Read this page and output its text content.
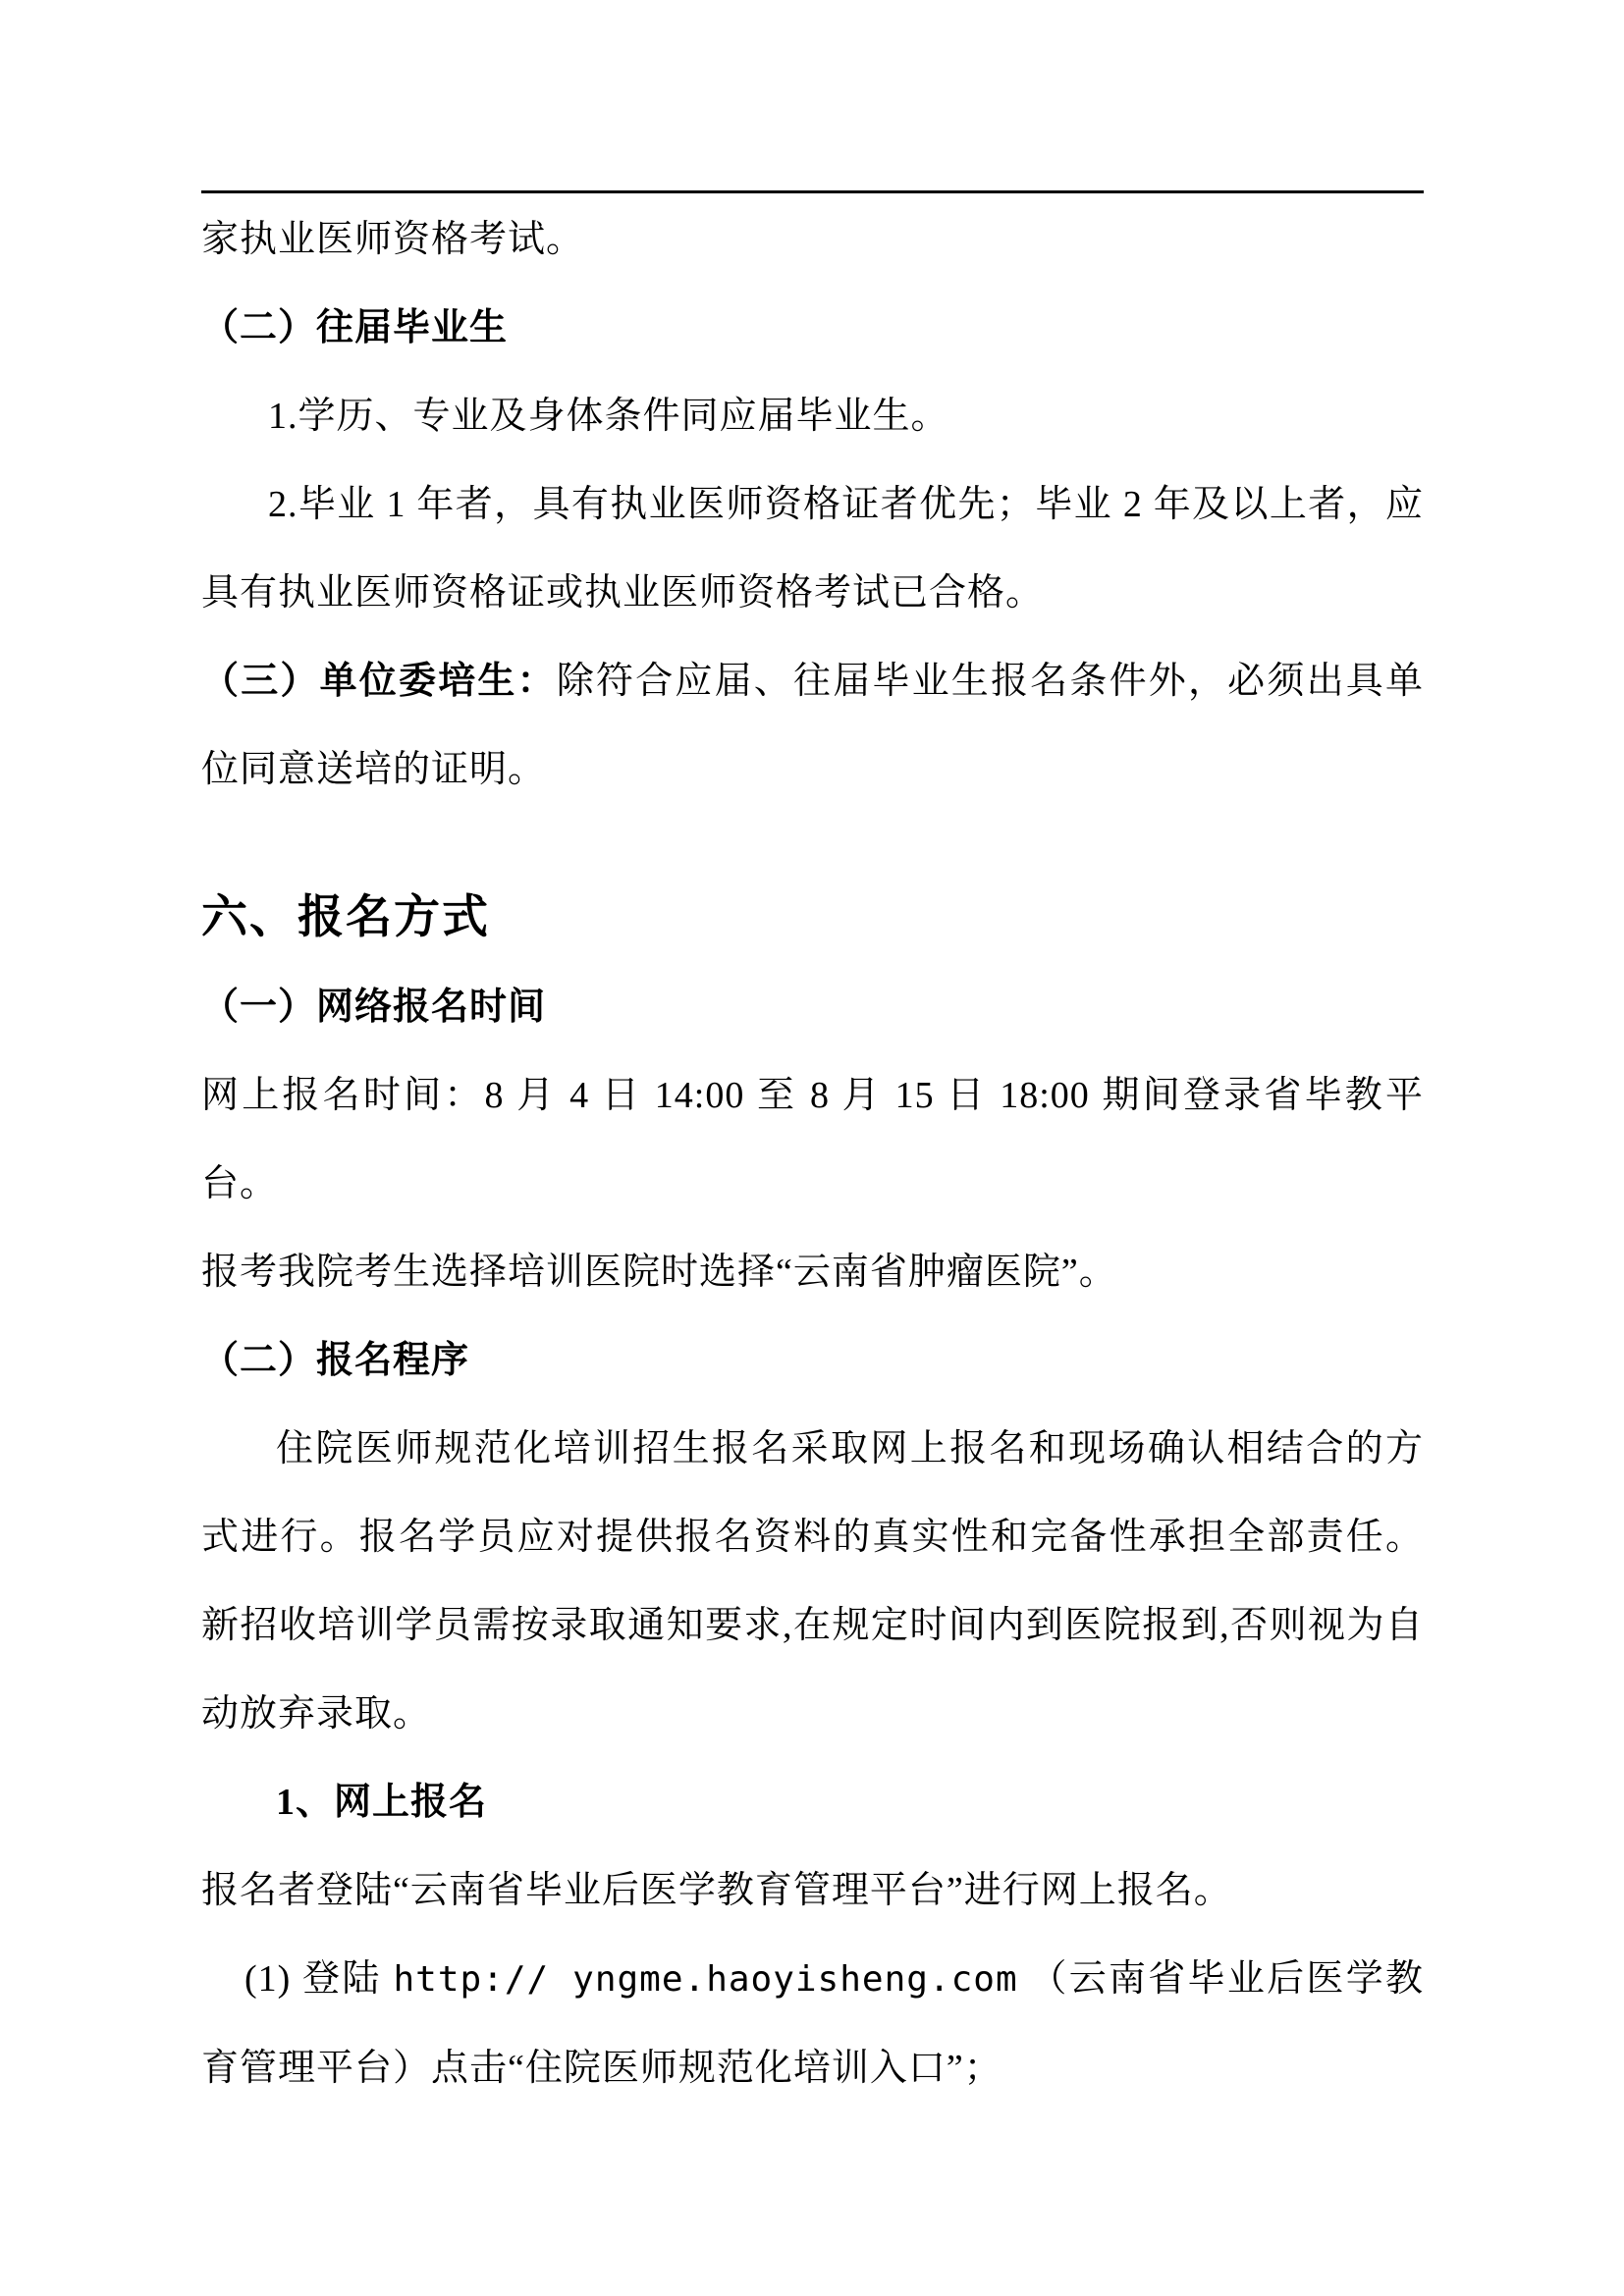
家执业医师资格考试。

（二）往届毕业生

1.学历、专业及身体条件同应届毕业生。

2.毕业 1 年者，具有执业医师资格证者优先；毕业 2 年及以上者，应具有执业医师资格证或执业医师资格考试已合格。

（三）单位委培生：除符合应届、往届毕业生报名条件外，必须出具单位同意送培的证明。

六、报名方式

（一）网络报名时间

网上报名时间：8 月 4 日 14:00 至 8 月 15 日 18:00 期间登录省毕教平台。

报考我院考生选择培训医院时选择“云南省肿瘤医院”。

（二）报名程序

住院医师规范化培训招生报名采取网上报名和现场确认相结合的方式进行。报名学员应对提供报名资料的真实性和完备性承担全部责任。新招收培训学员需按录取通知要求,在规定时间内到医院报到,否则视为自动放弃录取。

1、网上报名

报名者登陆“云南省毕业后医学教育管理平台”进行网上报名。

(1) 登陆 http:// yngme.haoyisheng.com （云南省毕业后医学教育管理平台）点击“住院医师规范化培训入口”；
